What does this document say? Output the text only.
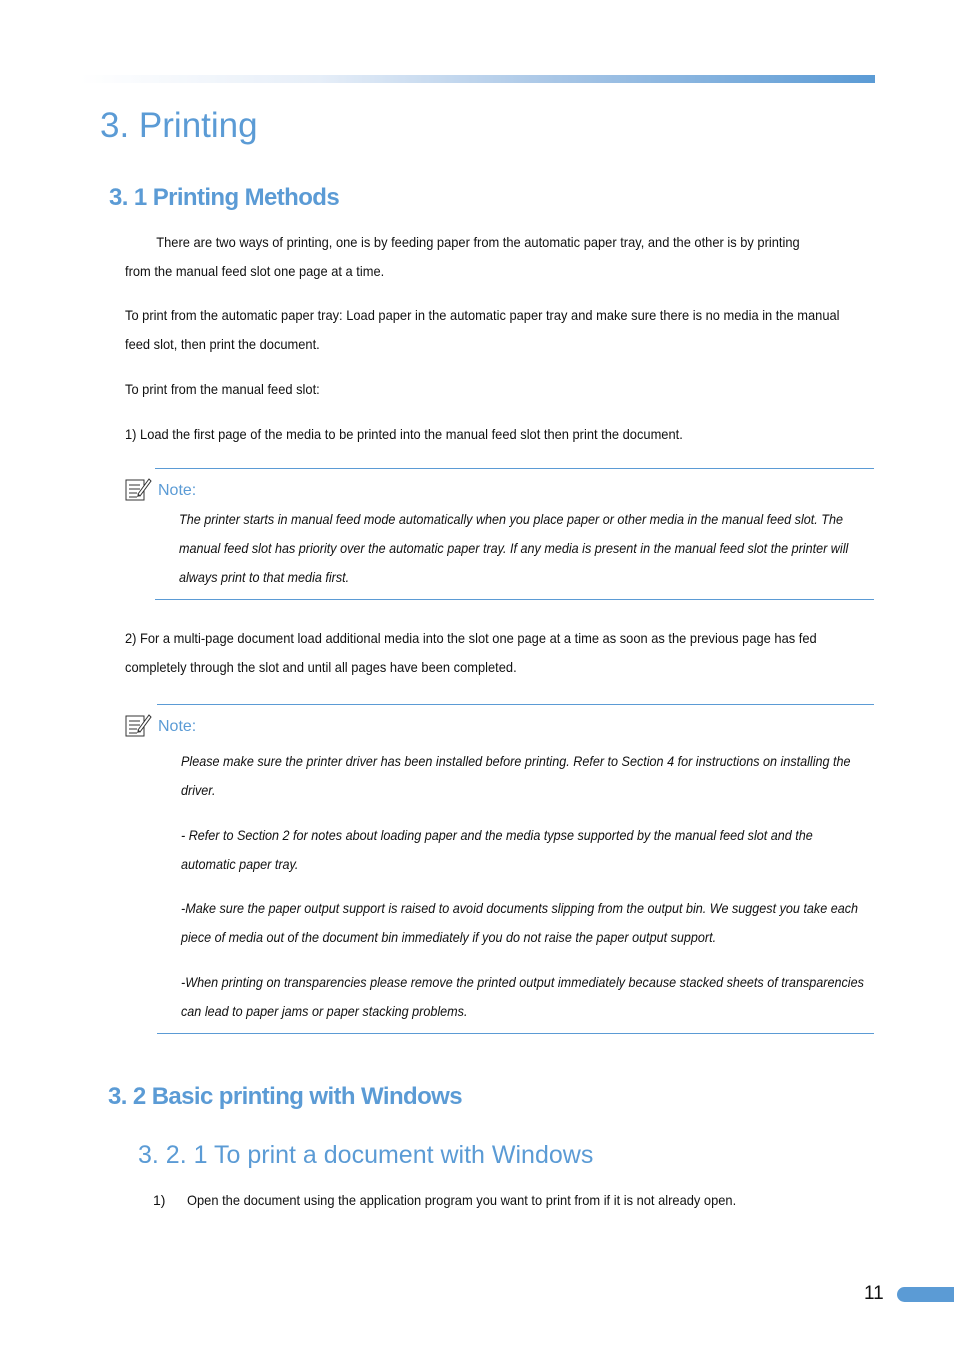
3. Printing
3. 1 Printing Methods
There are two ways of printing, one is by feeding paper from the automatic paper tray, and the other is by printing from the manual feed slot one page at a time.
To print from the automatic paper tray: Load paper in the automatic paper tray and make sure there is no media in the manual feed slot, then print the document.
To print from the manual feed slot:
1) Load the first page of the media to be printed into the manual feed slot then print the document.
Note:
The printer starts in manual feed mode automatically when you place paper or other media in the manual feed slot. The manual feed slot has priority over the automatic paper tray. If any media is present in the manual feed slot the printer will always print to that media first.
2) For a multi-page document load additional media into the slot one page at a time as soon as the previous page has fed completely through the slot and until all pages have been completed.
Note:
Please make sure the printer driver has been installed before printing. Refer to Section 4 for instructions on installing the driver.
- Refer to Section 2 for notes about loading paper and the media typse supported by the manual feed slot and the automatic paper tray.
-Make sure the paper output support is raised to avoid documents slipping from the output bin. We suggest you take each piece of media out of the document bin immediately if you do not raise the paper output support.
-When printing on transparencies please remove the printed output immediately because stacked sheets of transparencies can lead to paper jams or paper stacking problems.
3. 2 Basic printing with Windows
3. 2. 1 To print a document with Windows
1) Open the document using the application program you want to print from if it is not already open.
11
